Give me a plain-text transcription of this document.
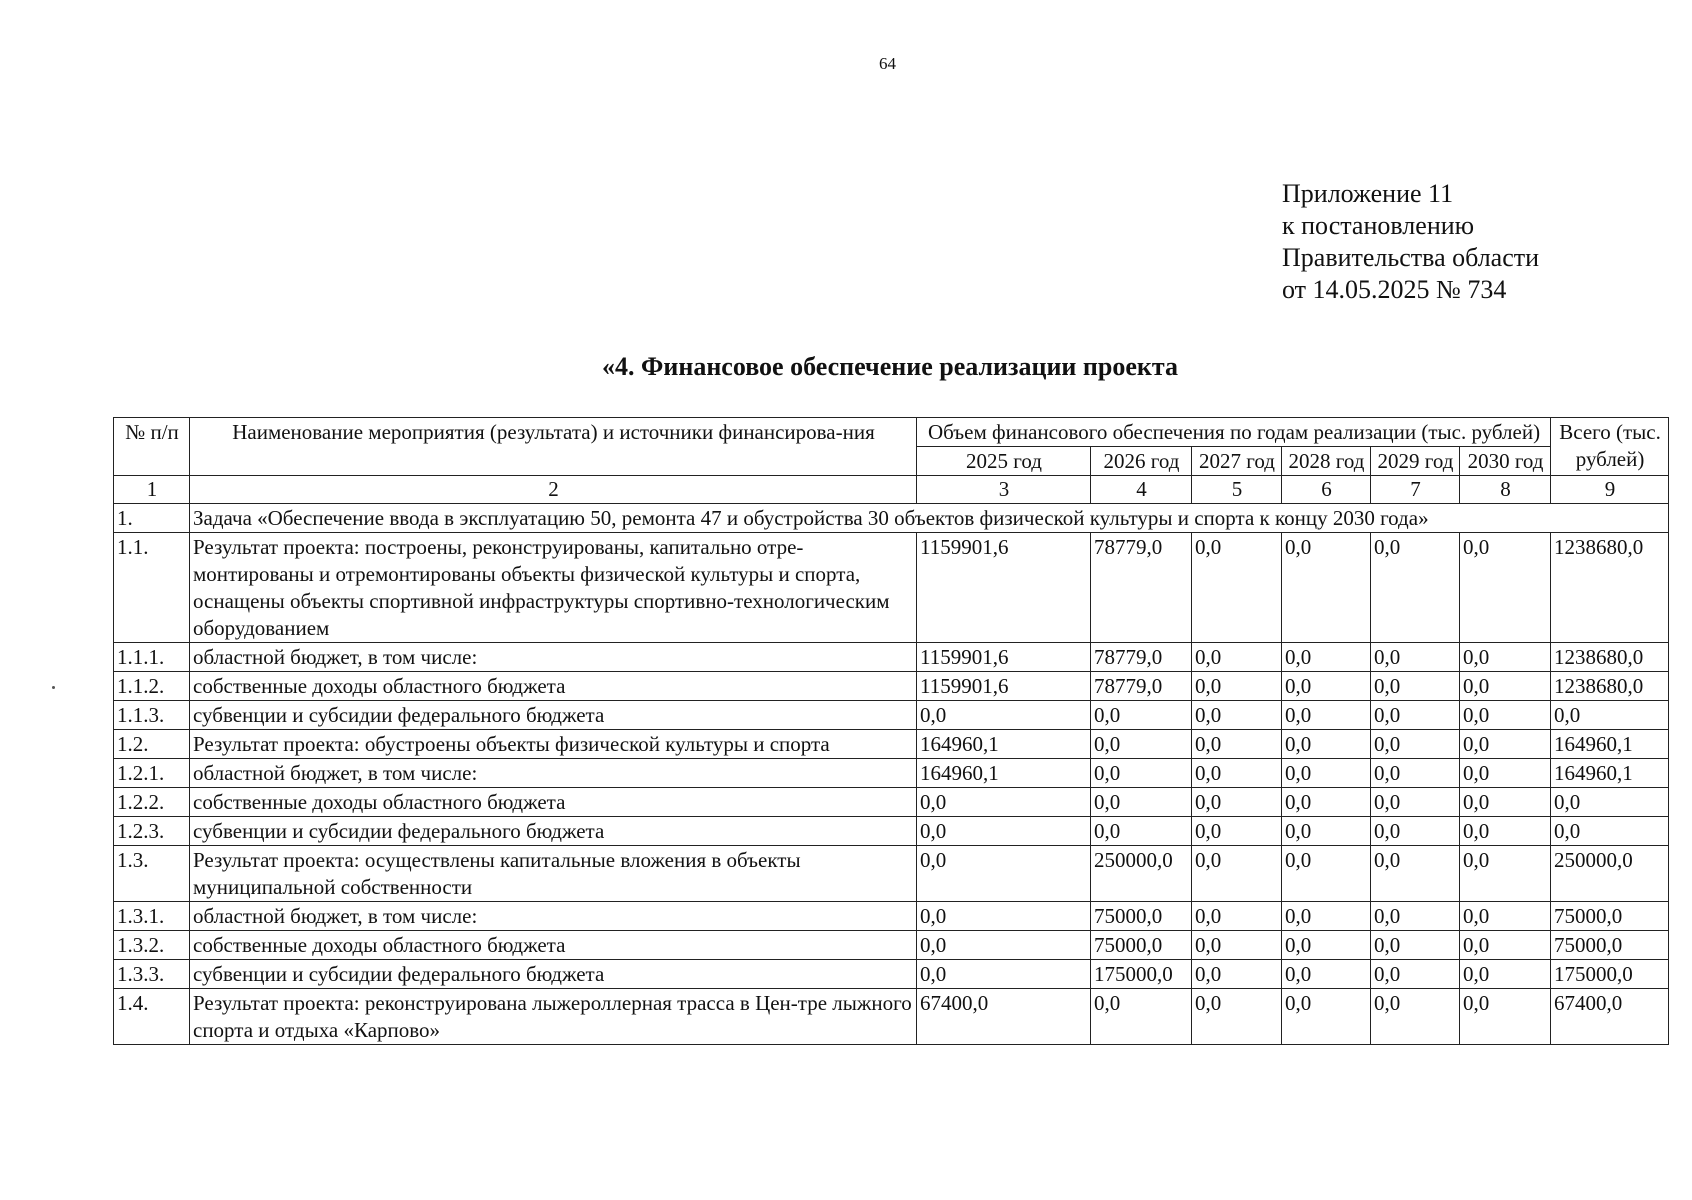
64
Приложение 11
к постановлению
Правительства области
от 14.05.2025 № 734
«4. Финансовое обеспечение реализации проекта
№ п/п	Наименование мероприятия (результата) и источники финансирова-ния	Объем финансового обеспечения по годам реализации (тыс. рублей)						Всего (тыс. рублей)
		2025 год	2026 год	2027 год	2028 год	2029 год	2030 год	
1	2	3	4	5	6	7	8	9
1.	Задача «Обеспечение ввода в эксплуатацию 50, ремонта 47 и обустройства 30 объектов физической культуры и спорта к концу 2030 года»							
1.1.	Результат проекта: построены, реконструированы, капитально отре-монтированы и отремонтированы объекты физической культуры и спорта, оснащены объекты спортивной инфраструктуры спортивно-технологическим оборудованием	1159901,6	78779,0	0,0	0,0	0,0	0,0	1238680,0
1.1.1.	областной бюджет, в том числе:	1159901,6	78779,0	0,0	0,0	0,0	0,0	1238680,0
1.1.2.	собственные доходы областного бюджета	1159901,6	78779,0	0,0	0,0	0,0	0,0	1238680,0
1.1.3.	субвенции и субсидии федерального бюджета	0,0	0,0	0,0	0,0	0,0	0,0	0,0
1.2.	Результат проекта: обустроены объекты физической культуры и спорта	164960,1	0,0	0,0	0,0	0,0	0,0	164960,1
1.2.1.	областной бюджет, в том числе:	164960,1	0,0	0,0	0,0	0,0	0,0	164960,1
1.2.2.	собственные доходы областного бюджета	0,0	0,0	0,0	0,0	0,0	0,0	0,0
1.2.3.	субвенции и субсидии федерального бюджета	0,0	0,0	0,0	0,0	0,0	0,0	0,0
1.3.	Результат проекта: осуществлены капитальные вложения в объекты муниципальной собственности	0,0	250000,0	0,0	0,0	0,0	0,0	250000,0
1.3.1.	областной бюджет, в том числе:	0,0	75000,0	0,0	0,0	0,0	0,0	75000,0
1.3.2.	собственные доходы областного бюджета	0,0	75000,0	0,0	0,0	0,0	0,0	75000,0
1.3.3.	субвенции и субсидии федерального бюджета	0,0	175000,0	0,0	0,0	0,0	0,0	175000,0
1.4.	Результат проекта: реконструирована лыжероллерная трасса в Цен-тре лыжного спорта и отдыха «Карпово»	67400,0	0,0	0,0	0,0	0,0	0,0	67400,0
